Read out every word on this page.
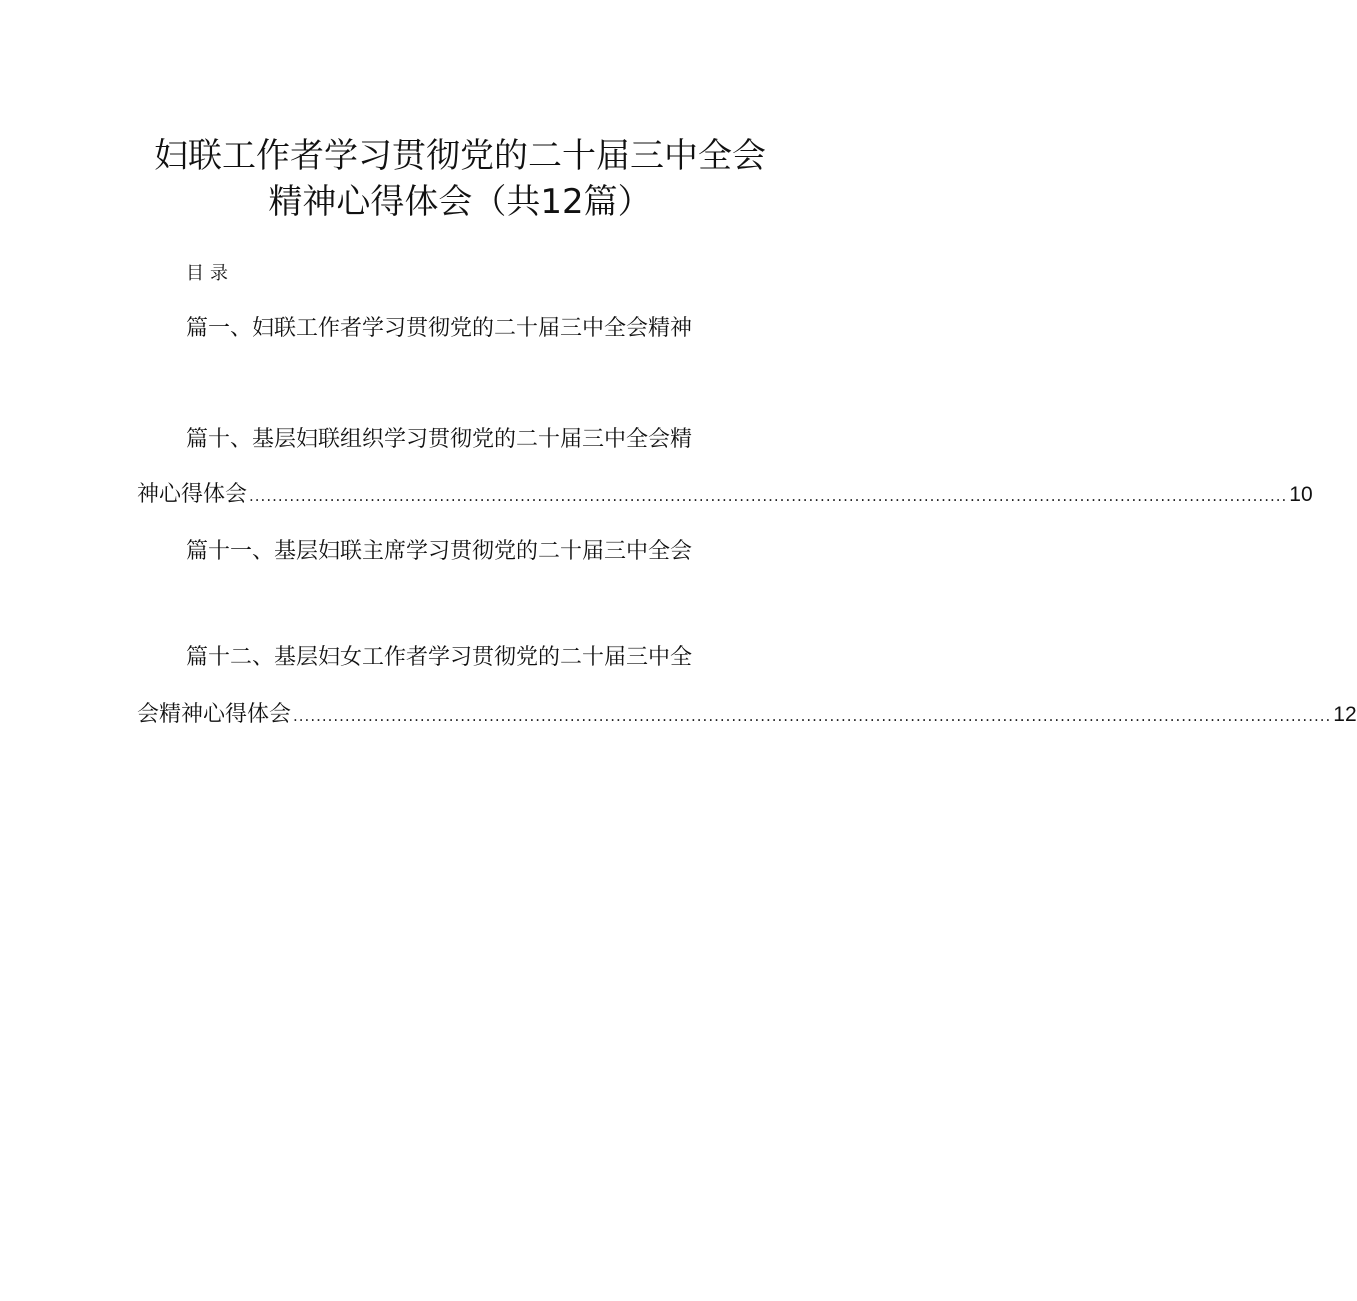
妇联工作者学习贯彻党的二十届三中全会
精神心得体会（共12篇）
目录
篇一、妇联工作者学习贯彻党的二十届三中全会精神
篇十、基层妇联组织学习贯彻党的二十届三中全会精
神心得体会 .................................................................................................................................................................................... 10
篇十一、基层妇联主席学习贯彻党的二十届三中全会
篇十二、基层妇女工作者学习贯彻党的二十届三中全
会精神心得体会 .................................................................................................................................................................................... 12
